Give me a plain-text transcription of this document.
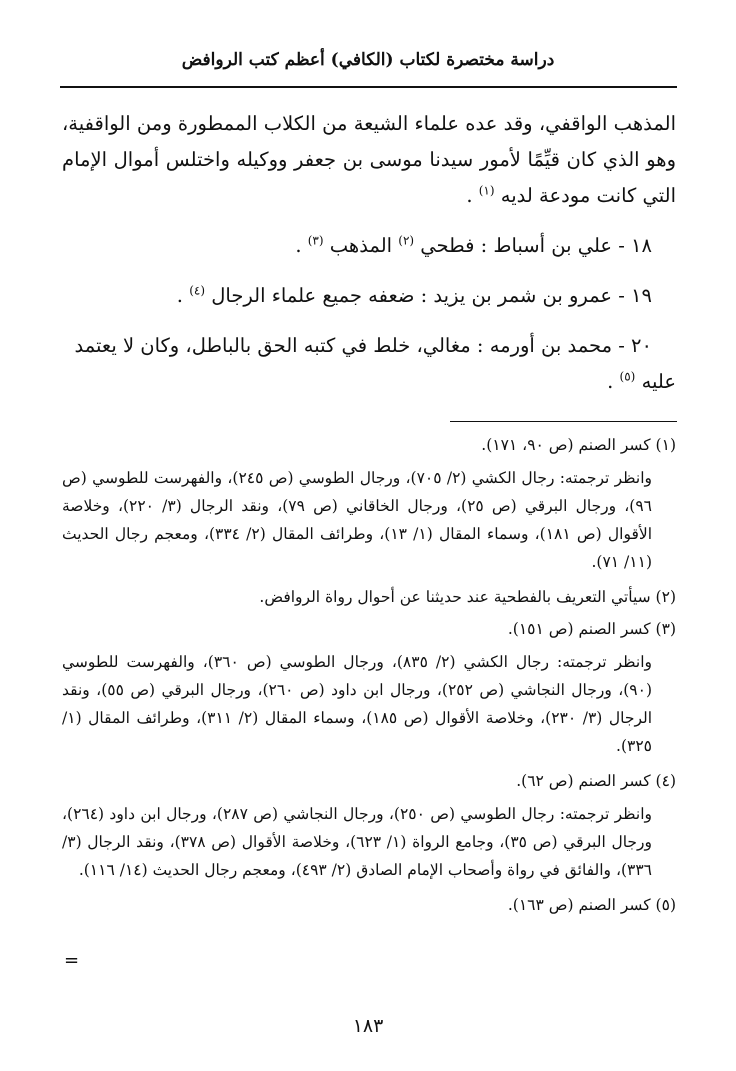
دراسة مختصرة لكتاب (الكافي) أعظم كتب الروافض
المذهب الواقفي، وقد عده علماء الشيعة من الكلاب الممطورة ومن الواقفية، وهو الذي كان قيِّمًا لأمور سيدنا موسى بن جعفر ووكيله واختلس أموال الإمام التي كانت مودعة لديه $^{(١)}$ .
١٨ - علي بن أسباط : فطحي $^{(٢)}$ المذهب $^{(٣)}$ .
١٩ - عمرو بن شمر بن يزيد : ضعفه جميع علماء الرجال $^{(٤)}$ .
٢٠ - محمد بن أورمه : مغالي، خلط في كتبه الحق بالباطل، وكان لا يعتمد عليه $^{(٥)}$ .
(١) كسر الصنم (ص ٩٠، ١٧١).
وانظر ترجمته: رجال الكشي (٢/ ٧٠٥)، ورجال الطوسي (ص ٢٤٥)، والفهرست للطوسي (ص ٩٦)، ورجال البرقي (ص ٢٥)، ورجال الخاقاني (ص ٧٩)، ونقد الرجال (٣/ ٢٢٠)، وخلاصة الأقوال (ص ١٨١)، وسماء المقال (١/ ١٣)، وطرائف المقال (٢/ ٣٣٤)، ومعجم رجال الحديث (١١/ ٧١).
(٢) سيأتي التعريف بالفطحية عند حديثنا عن أحوال رواة الروافض.
(٣) كسر الصنم (ص ١٥١).
وانظر ترجمته: رجال الكشي (٢/ ٨٣٥)، ورجال الطوسي (ص ٣٦٠)، والفهرست للطوسي (٩٠)، ورجال النجاشي (ص ٢٥٢)، ورجال ابن داود (ص ٢٦٠)، ورجال البرقي (ص ٥٥)، ونقد الرجال (٣/ ٢٣٠)، وخلاصة الأقوال (ص ١٨٥)، وسماء المقال (٢/ ٣١١)، وطرائف المقال (١/ ٣٢٥).
(٤) كسر الصنم (ص ٦٢).
وانظر ترجمته: رجال الطوسي (ص ٢٥٠)، ورجال النجاشي (ص ٢٨٧)، ورجال ابن داود (٢٦٤)، ورجال البرقي (ص ٣٥)، وجامع الرواة (١/ ٦٢٣)، وخلاصة الأقوال (ص ٣٧٨)، ونقد الرجال (٣/ ٣٣٦)، والفائق في رواة وأصحاب الإمام الصادق (٢/ ٤٩٣)، ومعجم رجال الحديث (١٤/ ١١٦).
(٥) كسر الصنم (ص ١٦٣).
=
١٨٣
